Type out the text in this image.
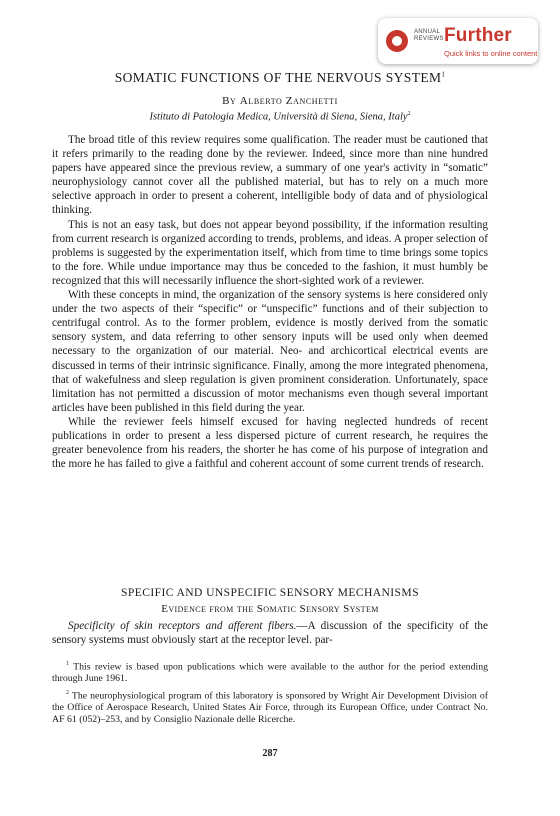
ANNUAL
REVIEWS Further
Quick links to online content
SOMATIC FUNCTIONS OF THE NERVOUS SYSTEM$^1$
By Alberto Zanchetti
Istituto di Patologia Medica, Università di Siena, Siena, Italy$^2$

The broad title of this review requires some qualification. The reader must be cautioned that it refers primarily to the reading done by the reviewer. Indeed, since more than nine hundred papers have appeared since the previous review, a summary of one year's activity in “somatic” neurophysiology cannot cover all the published material, but has to rely on a much more selective approach in order to present a coherent, intelligible body of data and of physiological thinking.

This is not an easy task, but does not appear beyond possibility, if the information resulting from current research is organized according to trends, problems, and ideas. A proper selection of problems is suggested by the experimentation itself, which from time to time brings some topics to the fore. While undue importance may thus be conceded to the fashion, it must humbly be recognized that this will necessarily influence the short-sighted work of a reviewer.

With these concepts in mind, the organization of the sensory systems is here considered only under the two aspects of their “specific” or “unspecific” functions and of their subjection to centrifugal control. As to the former problem, evidence is mostly derived from the somatic sensory system, and data referring to other sensory inputs will be used only when deemed necessary to the organization of our material. Neo- and archicortical electrical events are discussed in terms of their intrinsic significance. Finally, among the more integrated phenomena, that of wakefulness and sleep regulation is given prominent consideration. Unfortunately, space limitation has not permitted a discussion of motor mechanisms even though several important articles have been published in this field during the year.

While the reviewer feels himself excused for having neglected hundreds of recent publications in order to present a less dispersed picture of current research, he requires the greater benevolence from his readers, the shorter he has come of his purpose of integration and the more he has failed to give a faithful and coherent account of some current trends of research.

SPECIFIC AND UNSPECIFIC SENSORY MECHANISMS
Evidence from the Somatic Sensory System

Specificity of skin receptors and afferent fibers.—A discussion of the specificity of the sensory systems must obviously start at the receptor level. par-

$^1$ This review is based upon publications which were available to the author for the period extending through June 1961.

$^2$ The neurophysiological program of this laboratory is sponsored by Wright Air Development Division of the Office of Aerospace Research, United States Air Force, through its European Office, under Contract No. AF 61 (052)–253, and by Consiglio Nazionale delle Ricerche.

287
